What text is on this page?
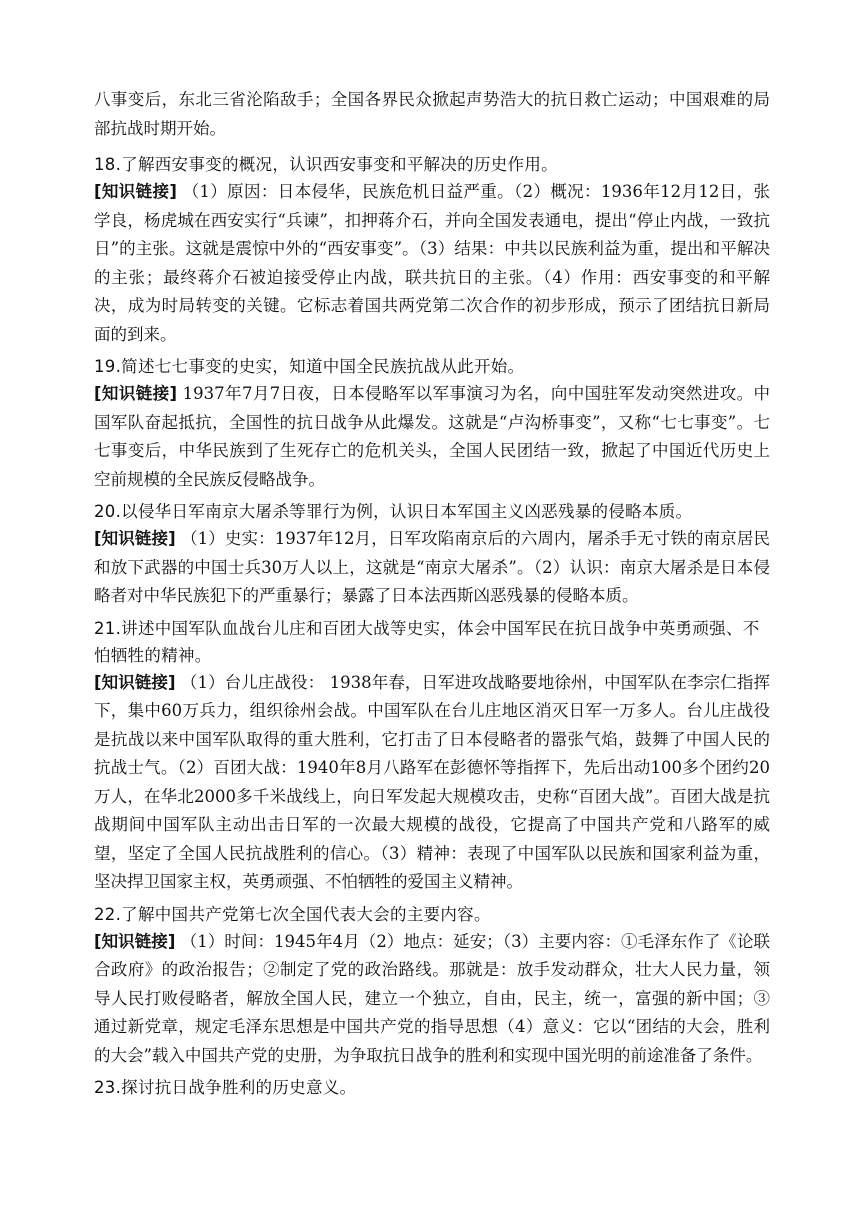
八事变后，东北三省沦陷敌手；全国各界民众掀起声势浩大的抗日救亡运动；中国艰难的局部抗战时期开始。

18.了解西安事变的概况，认识西安事变和平解决的历史作用。

[知识链接] （1）原因：日本侵华，民族危机日益严重。（2）概况：1936年12月12日，张学良，杨虎城在西安实行“兵谏”，扣押蒋介石，并向全国发表通电，提出“停止内战，一致抗日”的主张。这就是震惊中外的“西安事变”。（3）结果：中共以民族利益为重，提出和平解决的主张；最终蒋介石被迫接受停止内战，联共抗日的主张。（4）作用：西安事变的和平解决，成为时局转变的关键。它标志着国共两党第二次合作的初步形成，预示了团结抗日新局面的到来。

19.简述七七事变的史实，知道中国全民族抗战从此开始。

[知识链接] 1937年7月7日夜，日本侵略军以军事演习为名，向中国驻军发动突然进攻。中国军队奋起抵抗，全国性的抗日战争从此爆发。这就是“卢沟桥事变”，又称“七七事变”。七七事变后，中华民族到了生死存亡的危机关头，全国人民团结一致，掀起了中国近代历史上空前规模的全民族反侵略战争。

20.以侵华日军南京大屠杀等罪行为例，认识日本军国主义凶恶残暴的侵略本质。

[知识链接] （1）史实：1937年12月，日军攻陷南京后的六周内，屠杀手无寸铁的南京居民和放下武器的中国士兵30万人以上，这就是“南京大屠杀”。（2）认识：南京大屠杀是日本侵略者对中华民族犯下的严重暴行；暴露了日本法西斯凶恶残暴的侵略本质。

21.讲述中国军队血战台儿庄和百团大战等史实，体会中国军民在抗日战争中英勇顽强、不怕牺牲的精神。

[知识链接] （1）台儿庄战役： 1938年春，日军进攻战略要地徐州，中国军队在李宗仁指挥下，集中60万兵力，组织徐州会战。中国军队在台儿庄地区消灭日军一万多人。台儿庄战役是抗战以来中国军队取得的重大胜利，它打击了日本侵略者的嚣张气焰，鼓舞了中国人民的抗战士气。（2）百团大战：1940年8月八路军在彭德怀等指挥下，先后出动100多个团约20万人，在华北2000多千米战线上，向日军发起大规模攻击，史称“百团大战”。百团大战是抗战期间中国军队主动出击日军的一次最大规模的战役，它提高了中国共产党和八路军的威望，坚定了全国人民抗战胜利的信心。（3）精神：表现了中国军队以民族和国家利益为重，坚决捍卫国家主权，英勇顽强、不怕牺牲的爱国主义精神。

22.了解中国共产党第七次全国代表大会的主要内容。

[知识链接] （1）时间：1945年4月（2）地点：延安；（3）主要内容：①毛泽东作了《论联合政府》的政治报告；②制定了党的政治路线。那就是：放手发动群众，壮大人民力量，领导人民打败侵略者，解放全国人民，建立一个独立，自由，民主，统一，富强的新中国；③通过新党章，规定毛泽东思想是中国共产党的指导思想（4）意义：它以“团结的大会，胜利的大会”载入中国共产党的史册，为争取抗日战争的胜利和实现中国光明的前途准备了条件。

23.探讨抗日战争胜利的历史意义。
